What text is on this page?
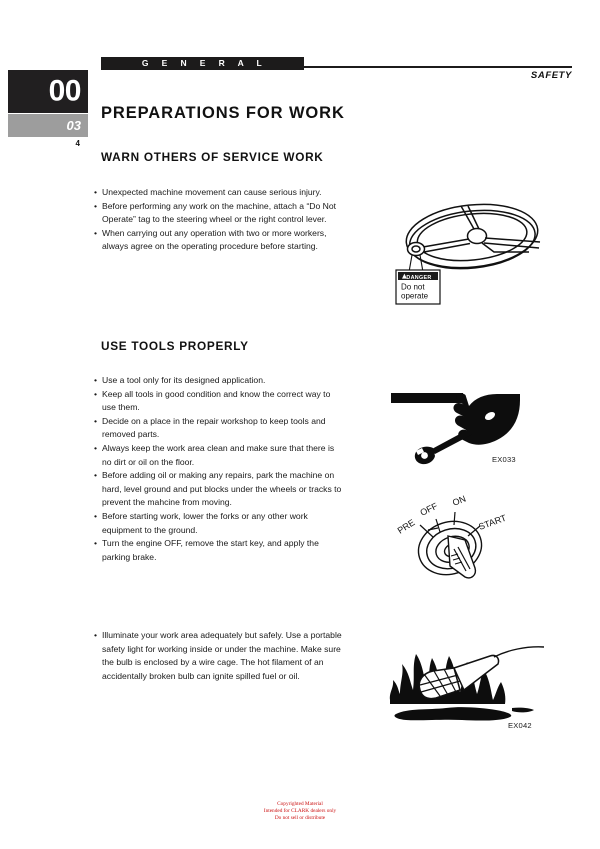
G E N E R A L
SAFETY
00
03
4
PREPARATIONS FOR WORK
WARN OTHERS OF SERVICE WORK
• Unexpected machine movement can cause serious injury.

• Before performing any work on the machine, attach a “Do Not Operate” tag to the steering wheel or the right control lever.

• When carrying out any operation with two or more workers, always agree on the operating procedure before starting.

DANGER
Do not
operate
USE TOOLS PROPERLY
• Use a tool only for its designed application.

• Keep all tools in good condition and know the correct way to use them.

• Decide on a place in the repair workshop to keep tools and removed parts.

• Always keep the work area clean and make sure that there is no dirt or oil on the floor.

• Before adding oil or making any repairs, park the machine on hard, level ground and put blocks under the wheels or tracks to prevent the mahcine from moving.

• Before starting work, lower the forks or any other work equipment to the ground.

• Turn the engine OFF, remove the start key, and apply the parking brake.

EX033
PRE
OFF
ON
START
• Illuminate your work area adequately but safely. Use a portable safety light for working inside or under the machine. Make sure the bulb is enclosed by a wire cage. The hot filament of an accidentally broken bulb can ignite spilled fuel or oil.

EX042
Copyrighted Material
Intended for CLARK dealers only
Do not sell or distribute
